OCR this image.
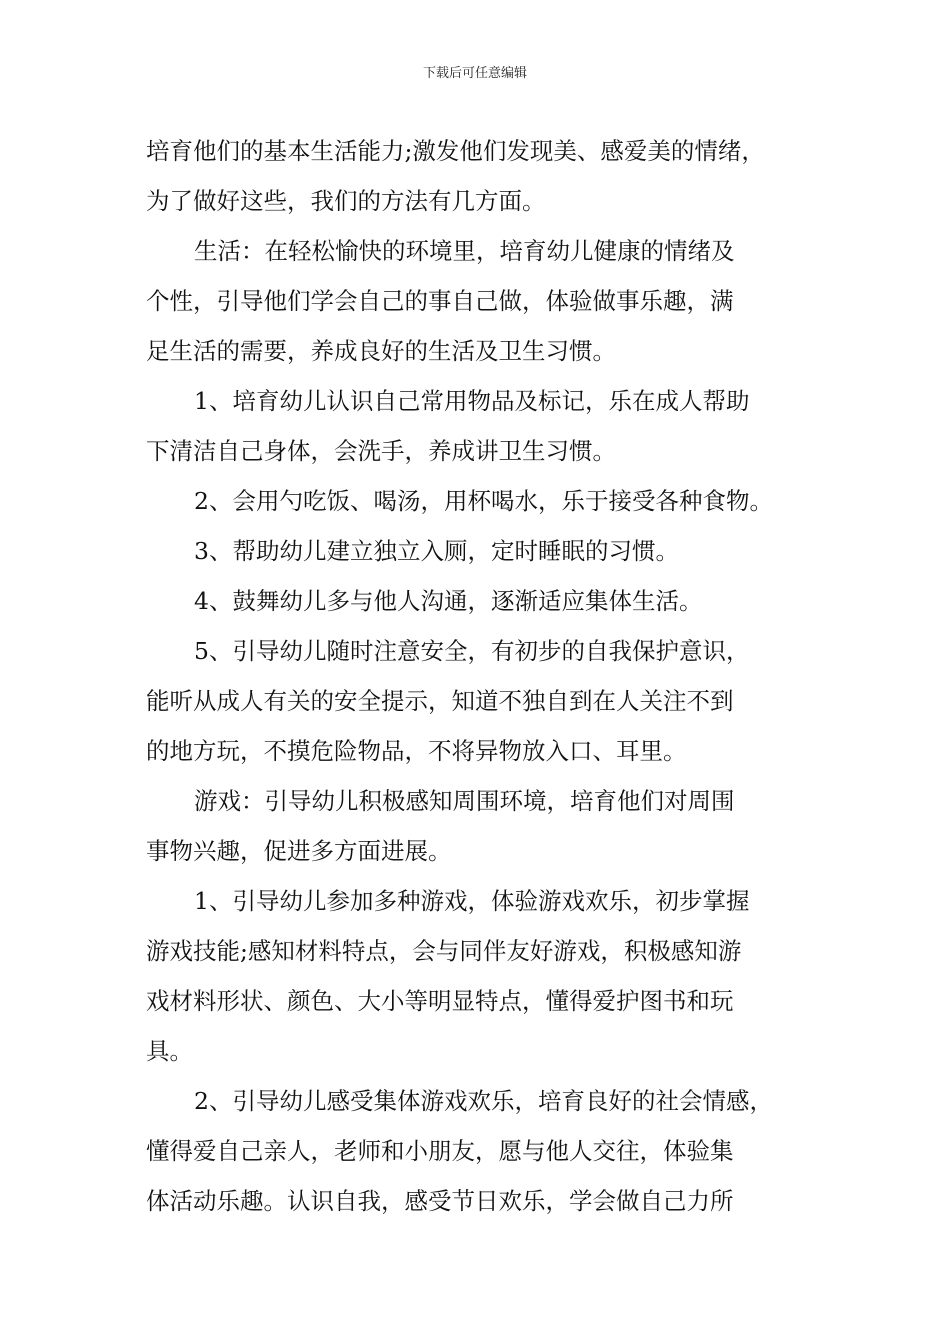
下载后可任意编辑
培育他们的基本生活能力;激发他们发现美、感爱美的情绪，
为了做好这些，我们的方法有几方面。
生活：在轻松愉快的环境里，培育幼儿健康的情绪及
个性，引导他们学会自己的事自己做，体验做事乐趣，满
足生活的需要，养成良好的生活及卫生习惯。
1、培育幼儿认识自己常用物品及标记，乐在成人帮助
下清洁自己身体，会洗手，养成讲卫生习惯。
2、会用勺吃饭、喝汤，用杯喝水，乐于接受各种食物。
3、帮助幼儿建立独立入厕，定时睡眠的习惯。
4、鼓舞幼儿多与他人沟通，逐渐适应集体生活。
5、引导幼儿随时注意安全，有初步的自我保护意识，
能听从成人有关的安全提示，知道不独自到在人关注不到
的地方玩，不摸危险物品，不将异物放入口、耳里。
游戏：引导幼儿积极感知周围环境，培育他们对周围
事物兴趣，促进多方面进展。
1、引导幼儿参加多种游戏，体验游戏欢乐，初步掌握
游戏技能;感知材料特点，会与同伴友好游戏，积极感知游
戏材料形状、颜色、大小等明显特点，懂得爱护图书和玩
具。
2、引导幼儿感受集体游戏欢乐，培育良好的社会情感，
懂得爱自己亲人，老师和小朋友，愿与他人交往，体验集
体活动乐趣。认识自我，感受节日欢乐，学会做自己力所
